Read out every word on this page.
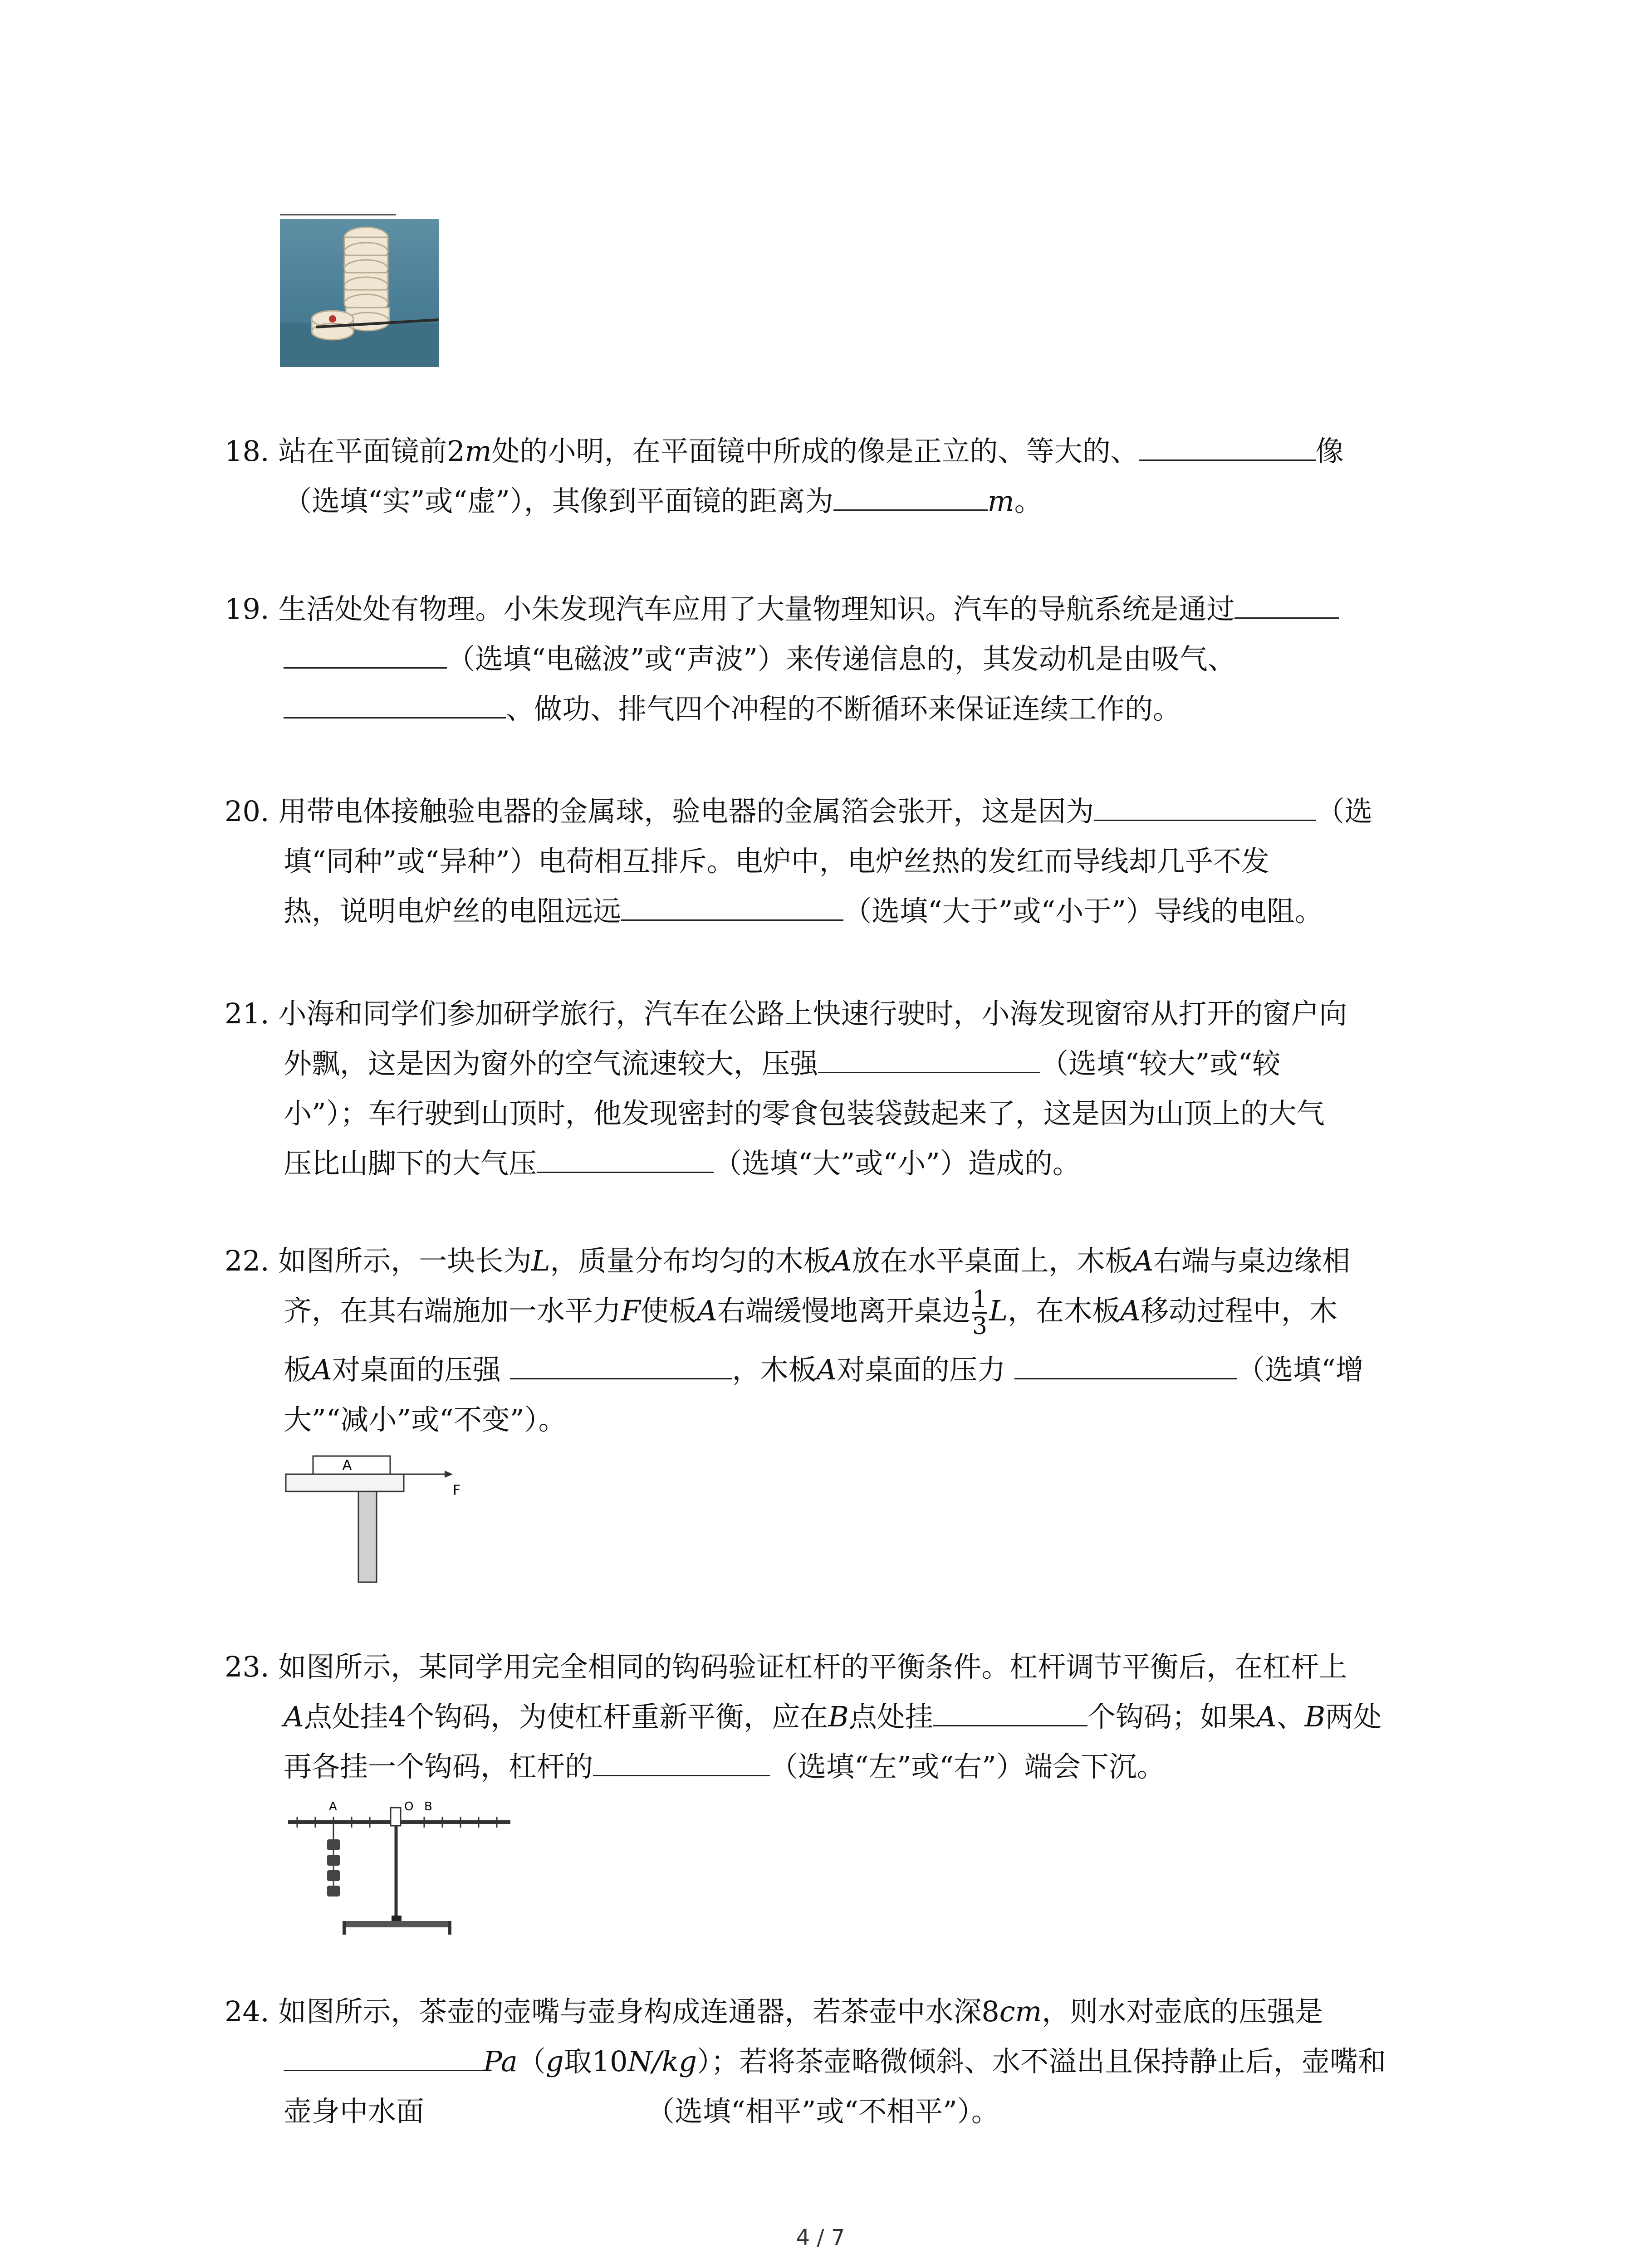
18. 站在平面镜前2m处的小明，在平面镜中所成的像是正立的、等大的、	像
（选填“实”或“虚”），其像到平面镜的距离为	m。
19. 生活处处有物理。小朱发现汽车应用了大量物理知识。汽车的导航系统是通过
（选填“电磁波”或“声波”）来传递信息的，其发动机是由吸气、
、做功、排气四个冲程的不断循环来保证连续工作的。
20. 用带电体接触验电器的金属球，验电器的金属箔会张开，这是因为	（选
填“同种”或“异种”）电荷相互排斥。电炉中，电炉丝热的发红而导线却几乎不发
热，说明电炉丝的电阻远远	（选填“大于”或“小于”）导线的电阻。
21. 小海和同学们参加研学旅行，汽车在公路上快速行驶时，小海发现窗帘从打开的窗户向
外飘，这是因为窗外的空气流速较大，压强	（选填“较大”或“较
小”）；车行驶到山顶时，他发现密封的零食包装袋鼓起来了，这是因为山顶上的大气
压比山脚下的大气压	（选填“大”或“小”）造成的。
22. 如图所示，一块长为L，质量分布均匀的木板A放在水平桌面上，木板A右端与桌边缘相
齐，在其右端施加一水平力F使板A右端缓慢地离开桌边 $\frac{1}{3}$ L，在木板A移动过程中，木
板A对桌面的压强	，木板A对桌面的压力	（选填“增
大”“减小”或“不变”）。
A
F
23. 如图所示，某同学用完全相同的钩码验证杠杆的平衡条件。杠杆调节平衡后，在杠杆上
A点处挂4个钩码，为使杠杆重新平衡，应在B点处挂	个钩码；如果A、B两处
再各挂一个钩码，杠杆的	（选填“左”或“右”）端会下沉。
A	O B
24. 如图所示，茶壶的壶嘴与壶身构成连通器，若茶壶中水深8cm，则水对壶底的压强是
Pa（g取10N/kg）；若将茶壶略微倾斜、水不溢出且保持静止后，壶嘴和
壶身中水面	（选填“相平”或“不相平”）。
4 / 7
